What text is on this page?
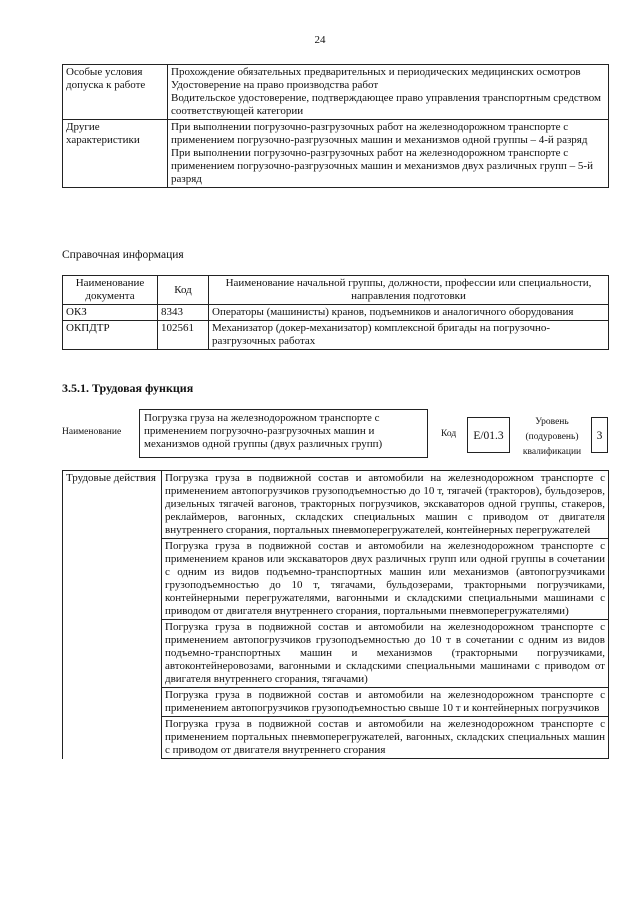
24
Особые условия допуска к работе	Прохождение обязательных предварительных и периодических медицинских осмотров

Удостоверение на право производства работ

Водительское удостоверение, подтверждающее право управления транспортным средством соответствующей категории

Другие характеристики	При выполнении погрузочно-разгрузочных работ на железнодорожном транспорте с применением погрузочно-разгрузочных машин и механизмов одной группы – 4-й разряд

При выполнении погрузочно-разгрузочных работ на железнодорожном транспорте с применением погрузочно-разгрузочных машин и механизмов двух различных групп – 5-й разряд

Справочная информация
Наименование документа	Код	Наименование начальной группы, должности, профессии или специальности, направления подготовки
ОКЗ	8343	Операторы (машинисты) кранов, подъемников и аналогичного оборудования
ОКПДТР	102561	Механизатор (докер-механизатор) комплексной бригады на погрузочно-разгрузочных работах
3.5.1. Трудовая функция
Наименование
Погрузка груза на железнодорожном транспорте с применением погрузочно-разгрузочных машин и механизмов одной группы (двух различных групп)
Код	E/01.3
Уровень (подуровень) квалификации
3
Трудовые действия	Погрузка груза в подвижной состав и автомобили на железнодорожном транспорте с применением автопогрузчиков грузоподъемностью до 10 т, тягачей (тракторов), бульдозеров, дизельных тягачей вагонов, тракторных погрузчиков, экскаваторов одной группы, стакеров, реклаймеров, вагонных, складских специальных машин с приводом от двигателя внутреннего сгорания, портальных пневмоперегружателей, контейнерных перегружателей
Погрузка груза в подвижной состав и автомобили на железнодорожном транспорте с применением кранов или экскаваторов двух различных групп или одной группы в сочетании с одним из видов подъемно-транспортных машин или механизмов (автопогрузчиками грузоподъемностью до 10 т, тягачами, бульдозерами, тракторными погрузчиками, контейнерными перегружателями, вагонными и складскими специальными машинами с приводом от двигателя внутреннего сгорания, портальными пневмоперегружателями)
Погрузка груза в подвижной состав и автомобили на железнодорожном транспорте с применением автопогрузчиков грузоподъемностью до 10 т в сочетании с одним из видов подъемно-транспортных машин и механизмов (тракторными погрузчиками, автоконтейнеровозами, вагонными и складскими специальными машинами с приводом от двигателя внутреннего сгорания, тягачами)
Погрузка груза в подвижной состав и автомобили на железнодорожном транспорте с применением автопогрузчиков грузоподъемностью свыше 10 т и контейнерных погрузчиков
Погрузка груза в подвижной состав и автомобили на железнодорожном транспорте с применением портальных пневмоперегружателей, вагонных, складских специальных машин с приводом от двигателя внутреннего сгорания
